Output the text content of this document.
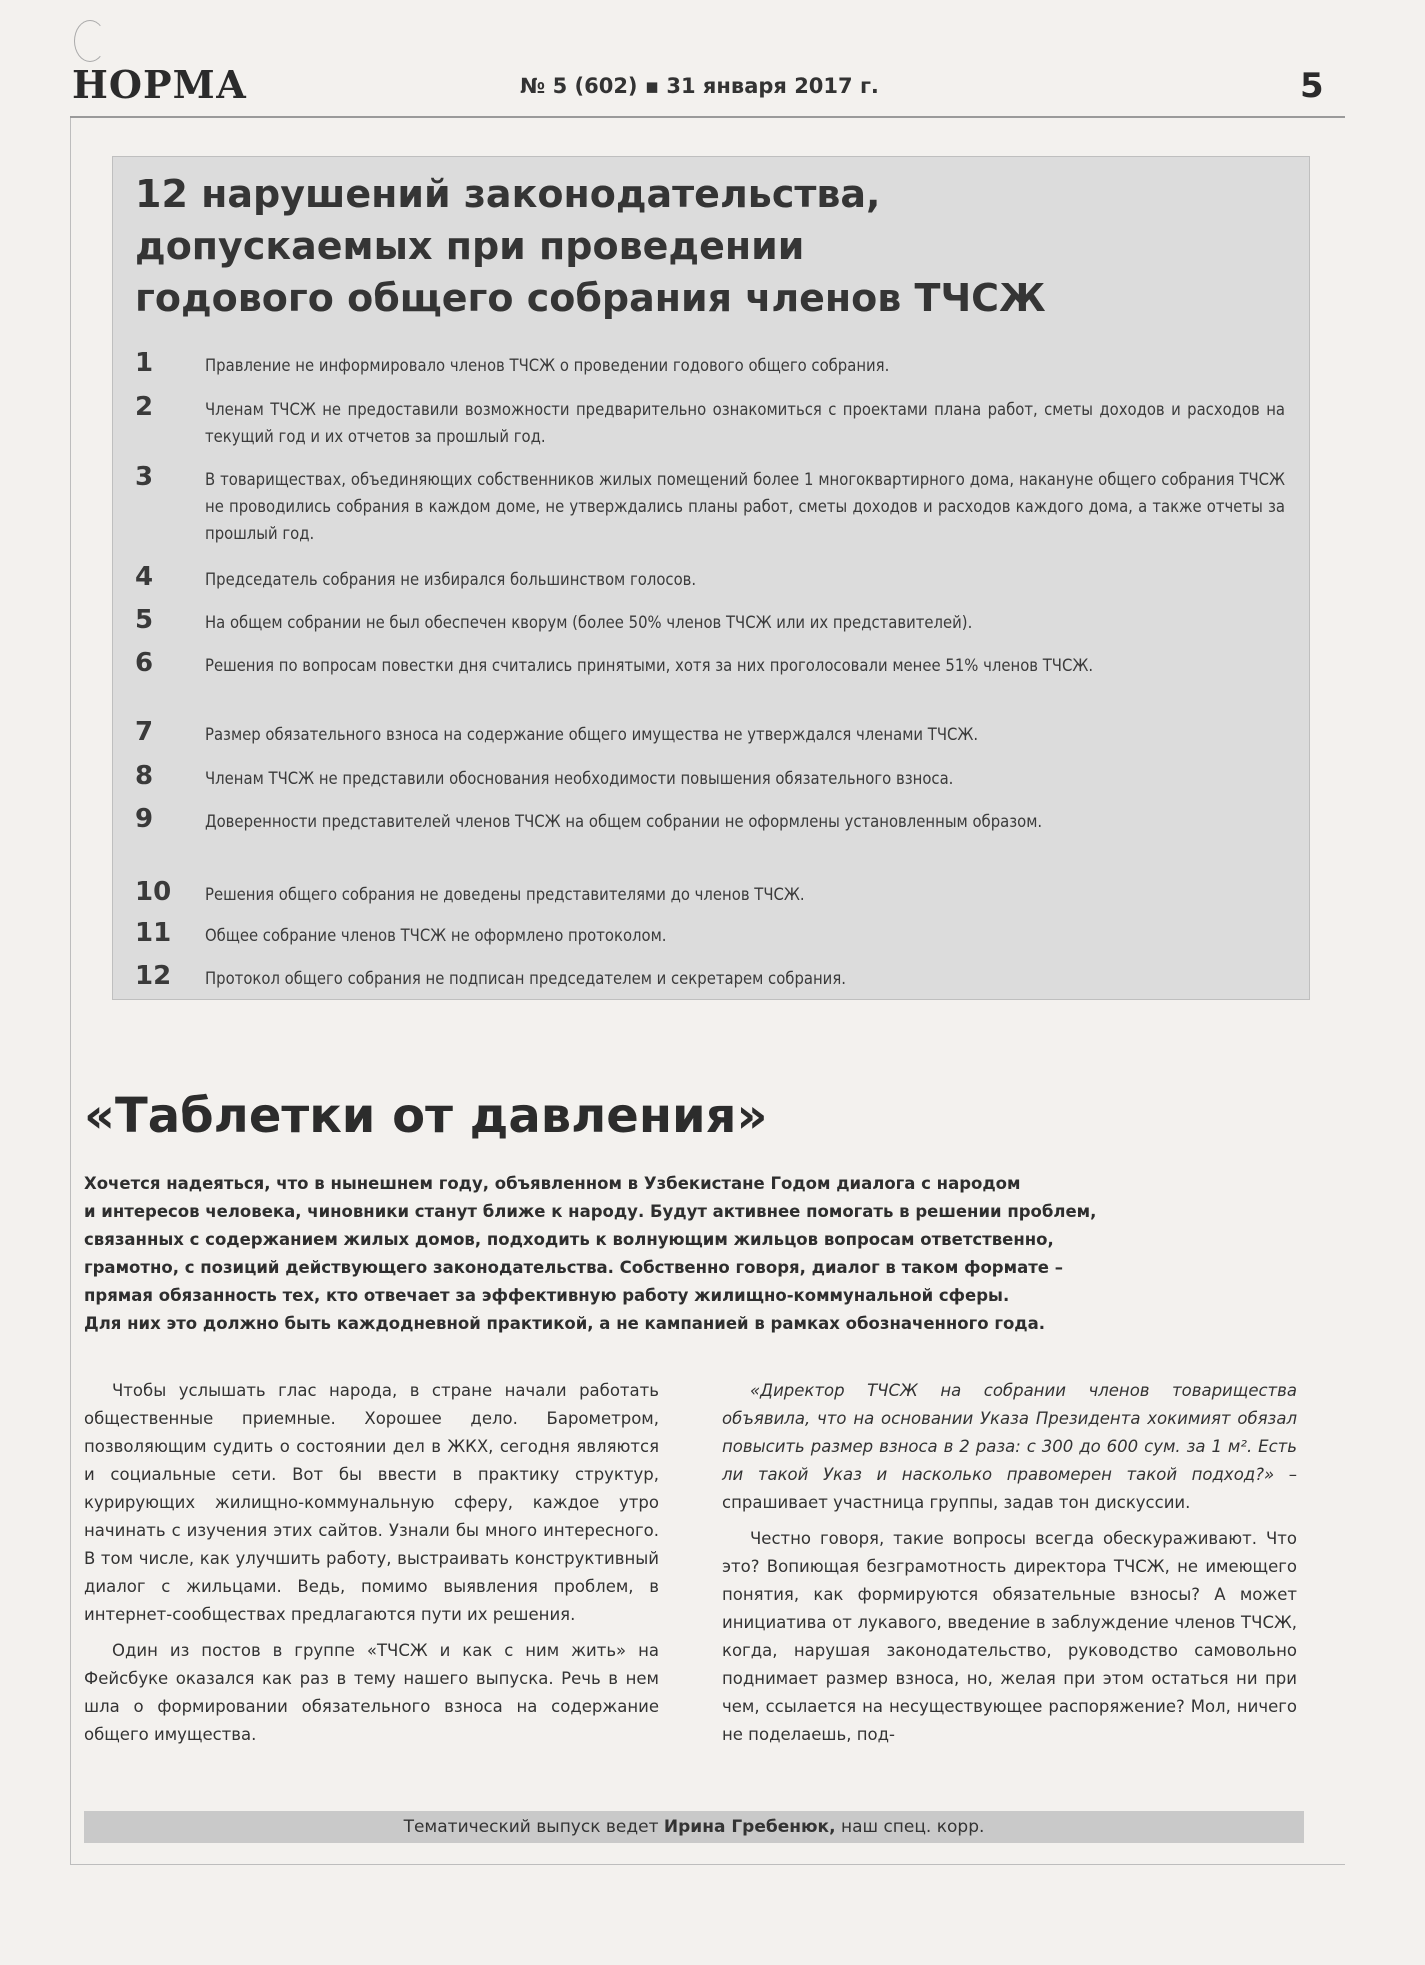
НОРМА	№ 5 (602) ▪ 31 января 2017 г.	5
12 нарушений законодательства,
допускаемых при проведении
годового общего собрания членов ТЧСЖ
1	Правление не информировало членов ТЧСЖ о проведении годового общего собрания.
2	Членам ТЧСЖ не предоставили возможности предварительно ознакомиться с проектами плана работ, сметы доходов и расходов на текущий год и их отчетов за прошлый год.
3	В товариществах, объединяющих собственников жилых помещений более 1 многоквартирного дома, накануне общего собрания ТЧСЖ не проводились собрания в каждом доме, не утверждались планы работ, сметы доходов и расходов каждого дома, а также отчеты за прошлый год.
4	Председатель собрания не избирался большинством голосов.
5	На общем собрании не был обеспечен кворум (более 50% членов ТЧСЖ или их представителей).
6	Решения по вопросам повестки дня считались принятыми, хотя за них проголосовали менее 51% членов ТЧСЖ.
7	Размер обязательного взноса на содержание общего имущества не утверждался членами ТЧСЖ.
8	Членам ТЧСЖ не представили обоснования необходимости повышения обязательного взноса.
9	Доверенности представителей членов ТЧСЖ на общем собрании не оформлены установленным образом.
10	Решения общего собрания не доведены представителями до членов ТЧСЖ.
11	Общее собрание членов ТЧСЖ не оформлено протоколом.
12	Протокол общего собрания не подписан председателем и секретарем собрания.
«Таблетки от давления»
Хочется надеяться, что в нынешнем году, объявленном в Узбекистане Годом диалога с народом
и интересов человека, чиновники станут ближе к народу. Будут активнее помогать в решении проблем,
связанных с содержанием жилых домов, подходить к волнующим жильцов вопросам ответственно,
грамотно, с позиций действующего законодательства. Собственно говоря, диалог в таком формате –
прямая обязанность тех, кто отвечает за эффективную работу жилищно-коммунальной сферы.
Для них это должно быть каждодневной практикой, а не кампанией в рамках обозначенного года.

Чтобы услышать глас народа, в стране начали работать общественные приемные. Хорошее дело. Барометром, позволяющим судить о состоянии дел в ЖКХ, сегодня являются и социальные сети. Вот бы ввести в практику структур, курирующих жилищно-коммунальную сферу, каждое утро начинать с изучения этих сайтов. Узнали бы много интересного. В том числе, как улучшить работу, выстраивать конструктивный диалог с жильцами. Ведь, помимо выявления проблем, в интернет-сообществах предлагаются пути их решения.

Один из постов в группе «ТЧСЖ и как с ним жить» на Фейсбуке оказался как раз в тему нашего выпуска. Речь в нем шла о формировании обязательного взноса на содержание общего имущества.

«Директор ТЧСЖ на собрании членов товарищества объявила, что на основании Указа Президента хокимият обязал повысить размер взноса в 2 раза: с 300 до 600 сум. за 1 м². Есть ли такой Указ и насколько правомерен такой подход?» – спрашивает участница группы, задав тон дискуссии.

Честно говоря, такие вопросы всегда обескураживают. Что это? Вопиющая безграмотность директора ТЧСЖ, не имеющего понятия, как формируются обязательные взносы? А может инициатива от лукавого, введение в заблуждение членов ТЧСЖ, когда, нарушая законодательство, руководство самовольно поднимает размер взноса, но, желая при этом остаться ни при чем, ссылается на несуществующее распоряжение? Мол, ничего не поделаешь, под-

Тематический выпуск ведет Ирина Гребенюк, наш спец. корр.
